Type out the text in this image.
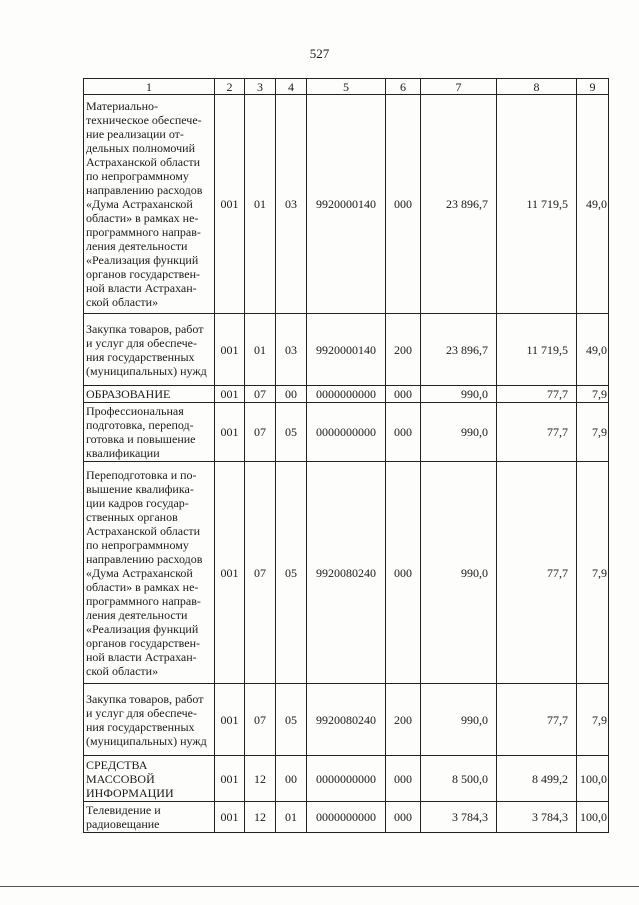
527
1	2	3	4	5	6	7	8	9
Материально-техническое обеспече-ние реализации от-дельных полномочий Астраханской области по непрограммному направлению расходов «Дума Астраханской области» в рамках не-программного направ-ления деятельности «Реализация функций органов государствен-ной власти Астрахан-ской области»	001	01	03	9920000140	000	23 896,7	11 719,5	49,0
Закупка товаров, работ и услуг для обеспече-ния государственных (муниципальных) нужд	001	01	03	9920000140	200	23 896,7	11 719,5	49,0
ОБРАЗОВАНИЕ	001	07	00	0000000000	000	990,0	77,7	7,9
Профессиональная подготовка, перепод-готовка и повышение квалификации	001	07	05	0000000000	000	990,0	77,7	7,9
Переподготовка и по-вышение квалифика-ции кадров государ-ственных органов Астраханской области по непрограммному направлению расходов «Дума Астраханской области» в рамках не-программного направ-ления деятельности «Реализация функций органов государствен-ной власти Астрахан-ской области»	001	07	05	9920080240	000	990,0	77,7	7,9
Закупка товаров, работ и услуг для обеспече-ния государственных (муниципальных) нужд	001	07	05	9920080240	200	990,0	77,7	7,9
СРЕДСТВА МАССОВОЙ ИНФОРМАЦИИ	001	12	00	0000000000	000	8 500,0	8 499,2	100,0
Телевидение и радиовещание	001	12	01	0000000000	000	3 784,3	3 784,3	100,0
